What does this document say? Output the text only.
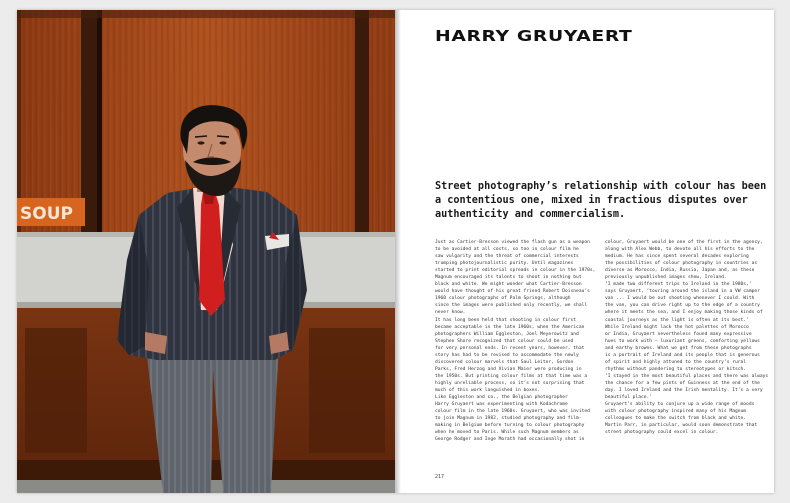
SOUP
HARRY GRUYAERT
Street photography’s relationship with colour has been
a contentious one, mixed in fractious disputes over
authenticity and commercialism.
Just as Cartier-Bresson viewed the flash gun as a weapon
to be avoided at all costs, so too in colour film he
saw vulgarity and the threat of commercial interests
trumping photojournalistic purity. Until magazines
started to print editorial spreads in colour in the 1970s,
Magnum encouraged its talents to shoot in nothing but
black and white. We might wonder what Cartier-Bresson
would have thought of his great friend Robert Doisneau’s
1960 colour photographs of Palm Springs, although
since the images were published only recently, we shall
never know.
It has long been held that shooting in colour first
became acceptable in the late 1960s, when the American
photographers William Eggleston, Joel Meyerowitz and
Stephen Shore recognized that colour could be used
for very personal ends. In recent years, however, that
story has had to be revised to accommodate the newly
discovered colour marvels that Saul Leiter, Gordon
Parks, Fred Herzog and Vivian Maier were producing in
the 1950s. But printing colour films at that time was a
highly unreliable process, so it’s not surprising that
much of this work languished in boxes.
Like Eggleston and co., the Belgian photographer
Harry Gruyaert was experimenting with Kodachrome
colour film in the late 1960s. Gruyaert, who was invited
to join Magnum in 1982, studied photography and film-
making in Belgium before turning to colour photography
when he moved to Paris. While such Magnum members as
George Rodger and Inge Morath had occasionally shot in
colour, Gruyaert would be one of the first in the agency,
along with Alex Webb, to devote all his efforts to the
medium. He has since spent several decades exploring
the possibilities of colour photography in countries as
diverse as Morocco, India, Russia, Japan and, as these
previously unpublished images show, Ireland.
‘I made two different trips to Ireland in the 1980s,’
says Gruyaert, ‘touring around the island in a VW camper
van ... I would be out shooting whenever I could. With
the van, you can drive right up to the edge of a country
where it meets the sea, and I enjoy making those kinds of
coastal journeys as the light is often at its best.’
While Ireland might lack the hot palettes of Morocco
or India, Gruyaert nevertheless found many expressive
hues to work with – luxuriant greens, comforting yellows
and earthy browns. What we get from these photographs
is a portrait of Ireland and its people that is generous
of spirit and highly attuned to the country’s rural
rhythms without pandering to stereotypes or kitsch.
‘I stayed in the most beautiful places and there was always
the chance for a few pints of Guinness at the end of the
day. I loved Ireland and the Irish mentality. It’s a very
beautiful place.’
Gruyaert’s ability to conjure up a wide range of moods
with colour photography inspired many of his Magnum
colleagues to make the switch from black and white.
Martin Parr, in particular, would soon demonstrate that
street photography could excel in colour.
217
